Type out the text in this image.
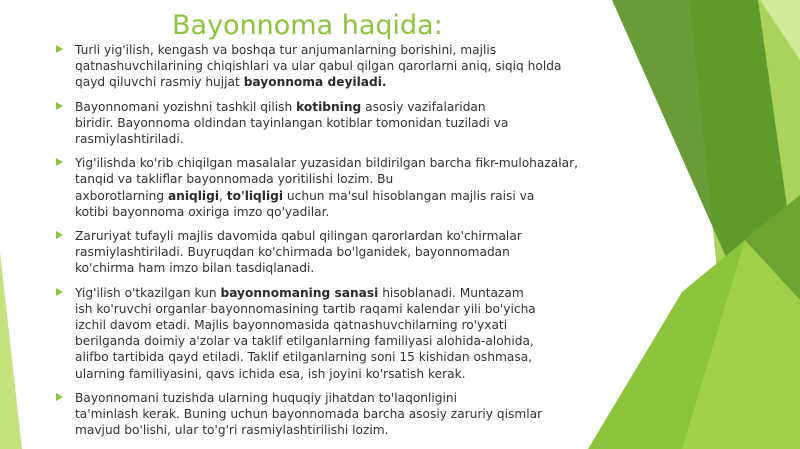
Bayonnoma haqida:
Turli yig'ilish, kengash va boshqa tur anjumanlarning borishini, majlis
qatnashuvchilarining chiqishlari va ular qabul qilgan qarorlarni aniq, siqiq holda
qayd qiluvchi rasmiy hujjat bayonnoma deyiladi.
Bayonnomani yozishni tashkil qilish kotibning asosiy vazifalaridan
biridir. Bayonnoma oldindan tayinlangan kotiblar tomonidan tuziladi va
rasmiylashtiriladi.
Yig'ilishda ko'rib chiqilgan masalalar yuzasidan bildirilgan barcha fikr-mulohazalar,
tanqid va takliflar bayonnomada yoritilishi lozim. Bu
axborotlarning aniqligi, to'liqligi uchun ma'sul hisoblangan majlis raisi va
kotibi bayonnoma oxiriga imzo qo'yadilar.
Zaruriyat tufayli majlis davomida qabul qilingan qarorlardan ko'chirmalar
rasmiylashtiriladi. Buyruqdan ko'chirmada bo'lganidek, bayonnomadan
ko'chirma ham imzo bilan tasdiqlanadi.
Yig'ilish o'tkazilgan kun bayonnomaning sanasi hisoblanadi. Muntazam
ish ko'ruvchi organlar bayonnomasining tartib raqami kalendar yili bo'yicha
izchil davom etadi. Majlis bayonnomasida qatnashuvchilarning ro'yxati
berilganda doimiy a'zolar va taklif etilganlarning familiyasi alohida-alohida,
alifbo tartibida qayd etiladi. Taklif etilganlarning soni 15 kishidan oshmasa,
ularning familiyasini, qavs ichida esa, ish joyini ko'rsatish kerak.
Bayonnomani tuzishda ularning huquqiy jihatdan to'laqonligini
ta'minlash kerak. Buning uchun bayonnomada barcha asosiy zaruriy qismlar
mavjud bo'lishi, ular to'g'ri rasmiylashtirilishi lozim.
